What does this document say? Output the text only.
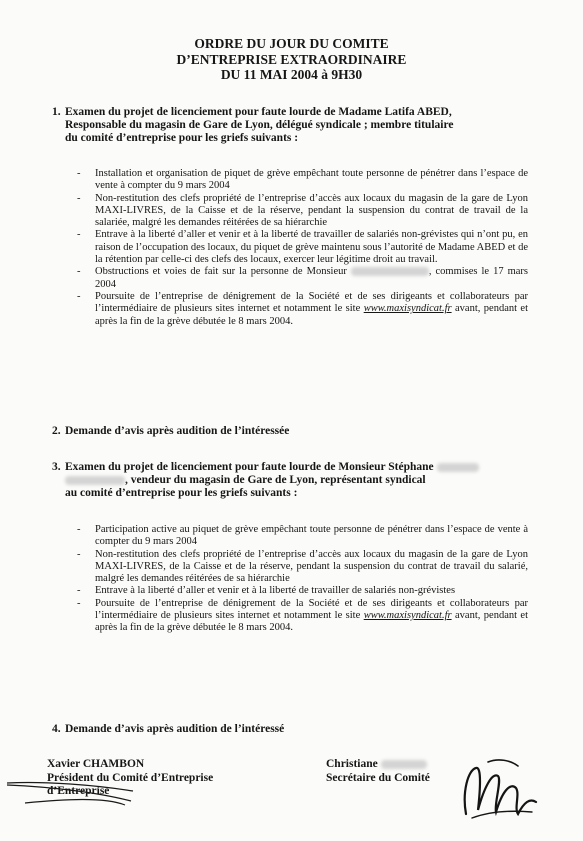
ORDRE DU JOUR DU COMITE
D’ENTREPRISE EXTRAORDINAIRE
DU 11 MAI 2004 à 9H30
1. Examen du projet de licenciement pour faute lourde de Madame Latifa ABED,
Responsable du magasin de Gare de Lyon, délégué syndicale ; membre titulaire
du comité d’entreprise pour les griefs suivants :
- Installation et organisation de piquet de grève empêchant toute personne de pénétrer dans l’espace de vente à compter du 9 mars 2004
- Non-restitution des clefs propriété de l’entreprise d’accès aux locaux du magasin de la gare de Lyon MAXI-LIVRES, de la Caisse et de la réserve, pendant la suspension du contrat de travail de la salariée, malgré les demandes réitérées de sa hiérarchie
- Entrave à la liberté d’aller et venir et à la liberté de travailler de salariés non-grévistes qui n’ont pu, en raison de l’occupation des locaux, du piquet de grève maintenu sous l’autorité de Madame ABED et de la rétention par celle-ci des clefs des locaux, exercer leur légitime droit au travail.
- Obstructions et voies de fait sur la personne de Monsieur	, commises le 17 mars 2004
- Poursuite de l’entreprise de dénigrement de la Société et de ses dirigeants et collaborateurs par l’intermédiaire de plusieurs sites internet et notamment le site www.maxisyndicat.fr avant, pendant et après la fin de la grève débutée le 8 mars 2004.
2. Demande d’avis après audition de l’intéressée
3. Examen du projet de licenciement pour faute lourde de Monsieur Stéphane
, vendeur du magasin de Gare de Lyon, représentant syndical
au comité d’entreprise pour les griefs suivants :
- Participation active au piquet de grève empêchant toute personne de pénétrer dans l’espace de vente à compter du 9 mars 2004
- Non-restitution des clefs propriété de l’entreprise d’accès aux locaux du magasin de la gare de Lyon MAXI-LIVRES, de la Caisse et de la réserve, pendant la suspension du contrat de travail du salarié, malgré les demandes réitérées de sa hiérarchie
- Entrave à la liberté d’aller et venir et à la liberté de travailler de salariés non-grévistes
- Poursuite de l’entreprise de dénigrement de la Société et de ses dirigeants et collaborateurs par l’intermédiaire de plusieurs sites internet et notamment le site www.maxisyndicat.fr avant, pendant et après la fin de la grève débutée le 8 mars 2004.
4. Demande d’avis après audition de l’intéressé
Xavier CHAMBON
Président du Comité d’Entreprise
d’Entreprise
Christiane
Secrétaire du Comité
